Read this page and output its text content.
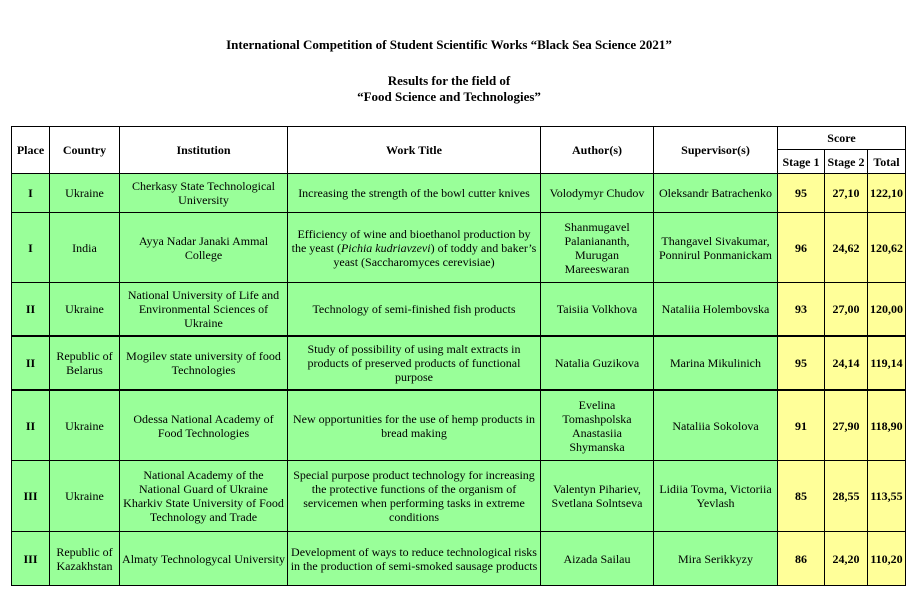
International Competition of Student Scientific Works “Black Sea Science 2021”
Results for the field of
“Food Science and Technologies”
Place	Country	Institution	Work Title	Author(s)	Supervisor(s)	Score		
						Stage 1	Stage 2	Total
I	Ukraine	Cherkasy State Technological University	Increasing the strength of the bowl cutter knives	Volodymyr Chudov	Oleksandr Batrachenko	95	27,10	122,10
I	India	Ayya Nadar Janaki Ammal College	Efficiency of wine and bioethanol production by the yeast (Pichia kudriavzevi) of toddy and baker’s yeast (Saccharomyces cerevisiae)	Shanmugavel Palaniananth, Murugan Mareeswaran	Thangavel Sivakumar, Ponnirul Ponmanickam	96	24,62	120,62
II	Ukraine	National University of Life and Environmental Sciences of Ukraine	Technology of semi-finished fish products	Taisiia Volkhova	Nataliia Holembovska	93	27,00	120,00
II	Republic of Belarus	Mogilev state university of food Technologies	Study of possibility of using malt extracts in products of preserved products of functional purpose	Natalia Guzikova	Marina Mikulinich	95	24,14	119,14
II	Ukraine	Odessa National Academy of Food Technologies	New opportunities for the use of hemp products in bread making	Evelina Tomashpolska Anastasiia Shymanska	Nataliia Sokolova	91	27,90	118,90
III	Ukraine	National Academy of the National Guard of Ukraine Kharkiv State University of Food Technology and Trade	Special purpose product technology for increasing the protective functions of the organism of servicemen when performing tasks in extreme conditions	Valentyn Pihariev, Svetlana Solntseva	Lidiia Tovma, Victoriia Yevlash	85	28,55	113,55
III	Republic of Kazakhstan	Almaty Technologycal University	Development of ways to reduce technological risks in the production of semi-smoked sausage products	Aizada Sailau	Mira Serikkyzy	86	24,20	110,20
